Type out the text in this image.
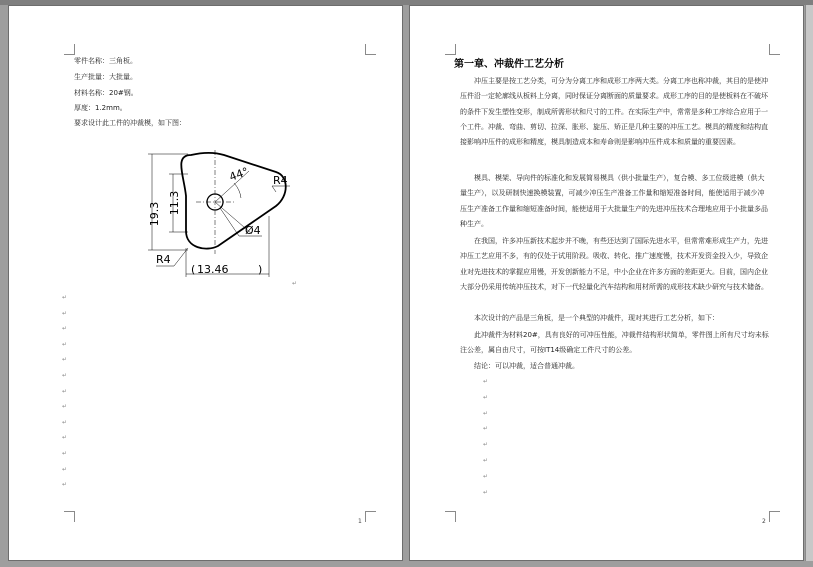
零件名称：三角板。
生产批量：大批量。
材料名称：20#钢。
厚度：1.2mm。
要求设计此工件的冲裁模，如下图：
19.3 11.3
44° R4
R4
Ø4
( 13.46	)
↵
↵
↵
↵
↵
↵
↵
↵
↵
↵
↵
↵
↵
↵
1
第一章、冲裁件工艺分析
冲压主要是按工艺分类，可分为分离工序和成形工序两大类。分离工序也称冲裁，其目的是使冲压件沿一定轮廓线从板料上分离，同时保证分离断面的质量要求。成形工序的目的是使板料在不破坏的条件下发生塑性变形，制成所需形状和尺寸的工件。在实际生产中，常常是多种工序综合应用于一个工件。冲裁、弯曲、剪切、拉深、胀形、旋压、矫正是几种主要的冲压工艺。模具的精度和结构直接影响冲压件的成形和精度，模具制造成本和寿命则是影响冲压件成本和质量的重要因素。
模具、模架、导向件的标准化和发展简易模具（供小批量生产），复合模、多工位级进模（供大量生产），以及研制快速换模装置，可减少冲压生产准备工作量和缩短准备时间，能使适用于减少冲压生产准备工作量和缩短准备时间，能使适用于大批量生产的先进冲压技术合理地应用于小批量多品种生产。
在我国，许多冲压新技术起步并不晚，有些还达到了国际先进水平，但常常难形成生产力，先进冲压工艺应用不多，有的仅处于试用阶段。吸收、转化、推广速度慢，技术开发资金投入少，导致企业对先进技术的掌握应用慢，开发创新能力不足，中小企业在许多方面的差距更大。目前，国内企业大部分仍采用传统冲压技术，对下一代轻量化汽车结构和用材所需的成形技术缺少研究与技术储备。
本次设计的产品是三角板，是一个典型的冲裁件，现对其进行工艺分析，如下：
此冲裁件为材料20#，具有良好的可冲压性能，冲裁件结构形状简单，零件图上所有尺寸均未标注公差，属自由尺寸，可按IT14级确定工件尺寸的公差。
结论：可以冲裁，适合普通冲裁。
↵
↵
↵
↵
↵
↵
↵
↵
2
